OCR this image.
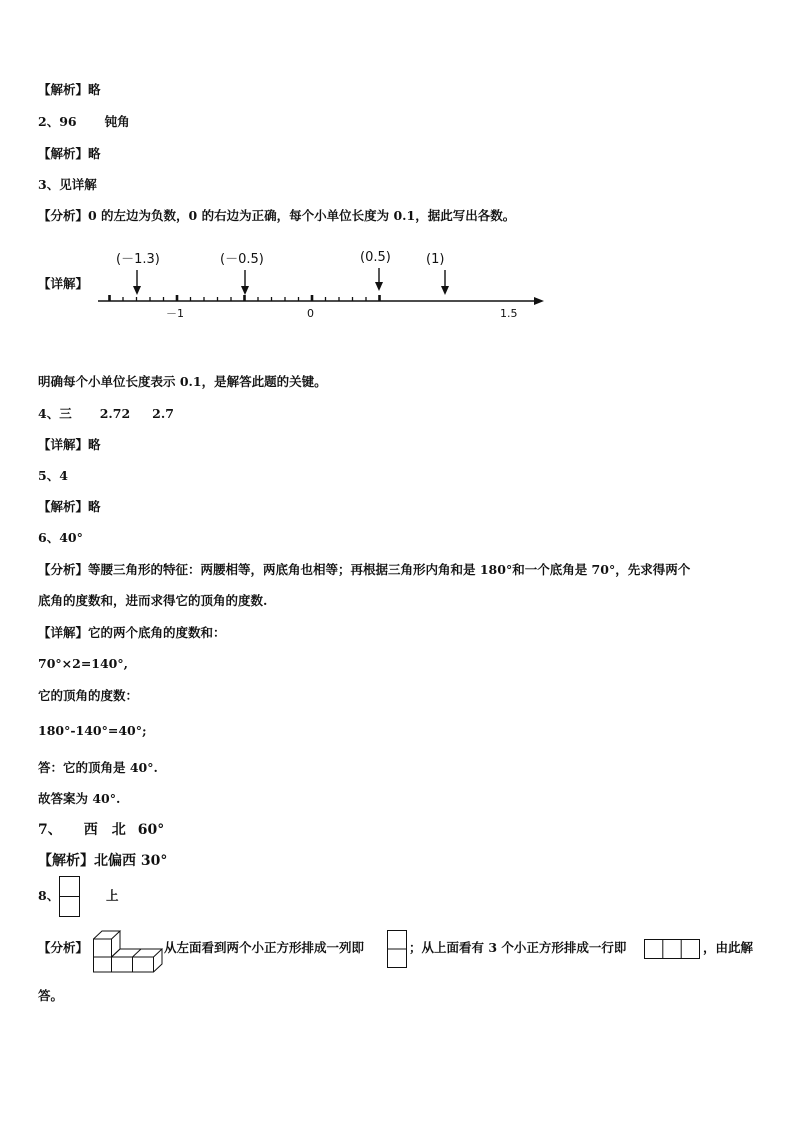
【解析】略
2、96 钝角
【解析】略
3、见详解
【分析】0 的左边为负数，0 的右边为正确，每个小单位长度为 0.1，据此写出各数。
【详解】
(－1.3)	(－0.5)	(0.5)	(1)
－1	0	1.5
明确每个小单位长度表示 0.1，是解答此题的关键。
4、三 2.72 2.7
【详解】略
5、4
【解析】略
6、40°
【分析】等腰三角形的特征：两腰相等，两底角也相等；再根据三角形内角和是 180°和一个底角是 70°，先求得两个
底角的度数和，进而求得它的顶角的度数.
【详解】它的两个底角的度数和：
70°×2=140°,
它的顶角的度数：
180°-140°=40°;
答：它的顶角是 40°.
故答案为 40°.
7、 西 北 60°
【解析】北偏西 30°
8、	上
【分析】	从左面看到两个小正方形排成一列即	；从上面看有 3 个小正方形排成一行即	，由此解
答。
